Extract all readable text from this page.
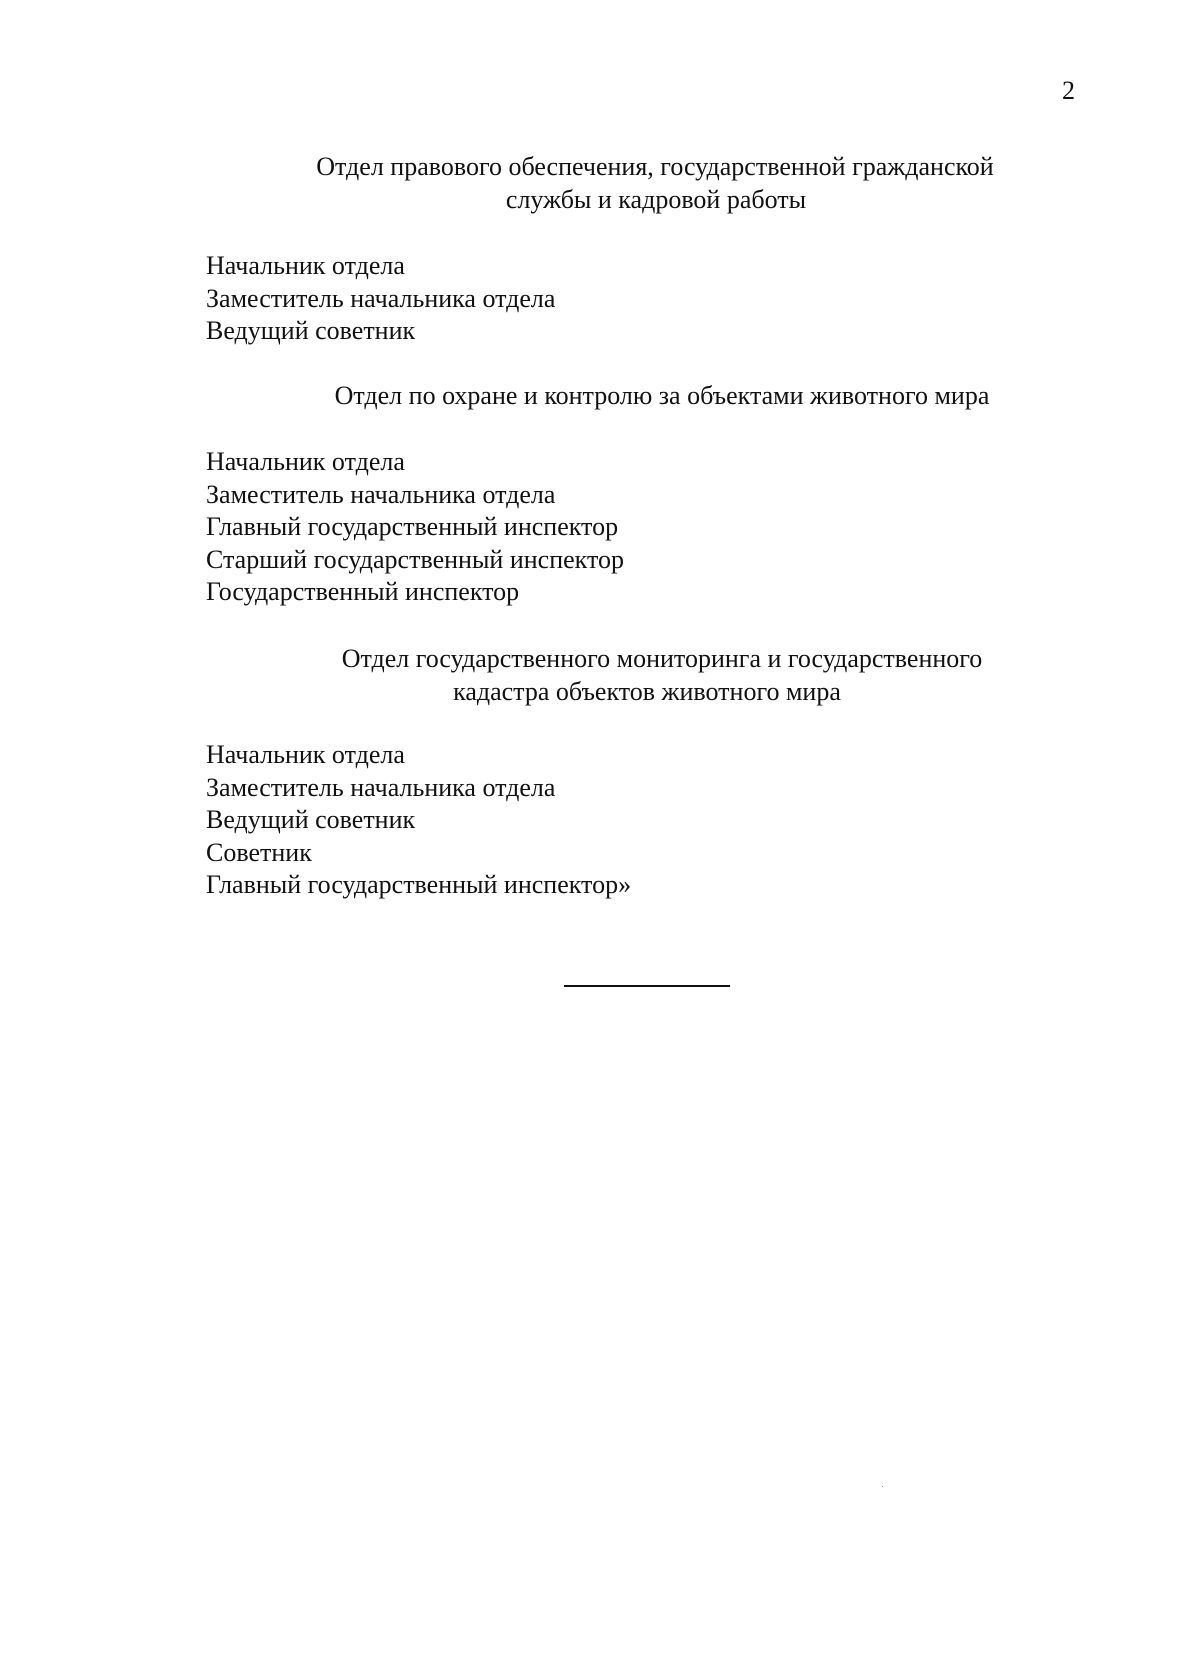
2
Отдел правового обеспечения, государственной гражданской
службы и кадровой работы
Начальник отдела
Заместитель начальника отдела
Ведущий советник
Отдел по охране и контролю за объектами животного мира
Начальник отдела
Заместитель начальника отдела
Главный государственный инспектор
Старший государственный инспектор
Государственный инспектор
Отдел государственного мониторинга и государственного
кадастра объектов животного мира
Начальник отдела
Заместитель начальника отдела
Ведущий советник
Советник
Главный государственный инспектор»
